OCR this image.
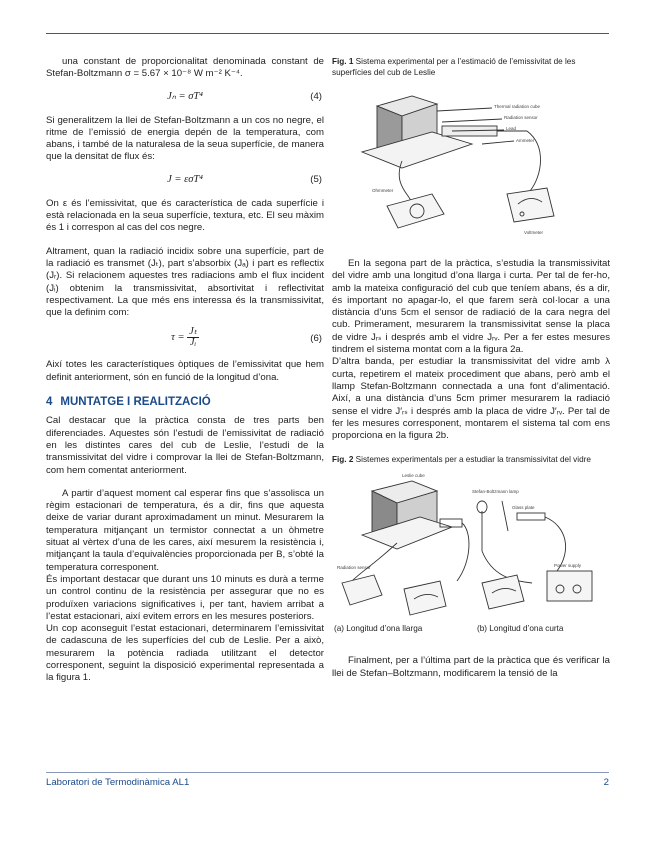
una constant de proporcionalitat denominada constant de Stefan-Boltzmann σ = 5.67 × 10⁻⁸ W m⁻² K⁻⁴.

Jₙ = σT⁴	(4)

Si generalitzem la llei de Stefan-Boltzmann a un cos no negre, el ritme de l’emissió de energia depén de la temperatura, com abans, i també de la naturalesa de la seua superfície, de manera que la densitat de flux és:

J = εσT⁴	(5)

On ε és l’emissivitat, que és característica de cada superfície i està relacionada en la seua superfície, textura, etc. El seu màxim és 1 i correspon al cas del cos negre.

Altrament, quan la radiació incidix sobre una superfície, part de la radiació es transmet (Jₜ), part s’absorbix (Jₐ) i part es reflectix (Jᵣ). Si relacionem aquestes tres radiacions amb el flux incident (Jᵢ) obtenim la transmissivitat, absortivitat i reflectivitat respectivament. La que més ens interessa és la transmissivitat, que la definim com:

$\tau = \frac{\text{Jₜ}}{\text{Jᵢ}}$	(6)

Així totes les característiques òptiques de l’emissivitat que hem definit anteriorment, són en funció de la longitud d’ona.

4 MUNTATGE I REALITZACIÓ

Cal destacar que la pràctica consta de tres parts ben diferenciades. Aquestes són l’estudi de l’emissivitat de radiació en les distintes cares del cub de Leslie, l’estudi de la transmissivitat del vidre i comprovar la llei de Stefan-Boltzmann, com hem comentat anteriorment.

A partir d’aquest moment cal esperar fins que s’assolisca un règim estacionari de temperatura, és a dir, fins que aquesta deixe de variar durant aproximadament un minut. Mesurarem la temperatura mitjançant un termistor connectat a un òhmetre situat al vèrtex d’una de les cares, així mesurem la resistència i, mitjançant la taula d’equivalències proporcionada per B, s’obté la temperatura corresponent.

És important destacar que durant uns 10 minuts es durà a terme un control continu de la resistència per assegurar que no es produïxen variacions significatives i, per tant, haviem arribat a l’estat estacionari, així evitem errors en les mesures posteriors.

Un cop aconseguit l’estat estacionari, determinarem l’emissivitat de cadascuna de les superfícies del cub de Leslie. Per a això, mesurarem la potència radiada utilitzant el detector corresponent, seguint la disposició experimental representada a la figura 1.

Fig. 1 Sistema experimental per a l’estimació de l’emissivitat de les superfícies del cub de Leslie
Thermal radiation cube
Radiation sensor
Lead
Ammeter
Ohmmeter
Voltmeter

En la segona part de la pràctica, s’estudia la transmissivitat del vidre amb una longitud d’ona llarga i curta. Per tal de fer-ho, amb la mateixa configuració del cub que teníem abans, és a dir, és important no apagar-lo, el que farem serà col·locar a una distància d’uns 5cm el sensor de radiació de la cara negra del cub. Primerament, mesurarem la transmissivitat sense la placa de vidre Jᵣₛ i després amb el vidre Jᵣᵥ. Per a fer estes mesures tindrem el sistema montat com a la figura 2a.

D’altra banda, per estudiar la transmissivitat del vidre amb λ curta, repetirem el mateix procediment que abans, però amb el llamp Stefan-Boltzmann connectada a una font d’alimentació. Així, a una distància d’uns 5cm primer mesurarem la radiació sense el vidre J′ᵣₛ i després amb la placa de vidre J′ᵣᵥ. Per tal de fer les mesures corresponent, montarem el sistema tal com ens proporciona en la figura 2b.

Fig. 2 Sistemes experimentals per a estudiar la transmissivitat del vidre
Leslie cube
Radiation sensor
Glass plate
Stefan-Boltzmann lamp
Power supply
(a) Longitud d’ona llarga	(b) Longitud d’ona curta

Finalment, per a l’última part de la pràctica que és verificar la llei de Stefan–Boltzmann, modificarem la tensió de la

Laboratori de Termodinàmica AL1	2
